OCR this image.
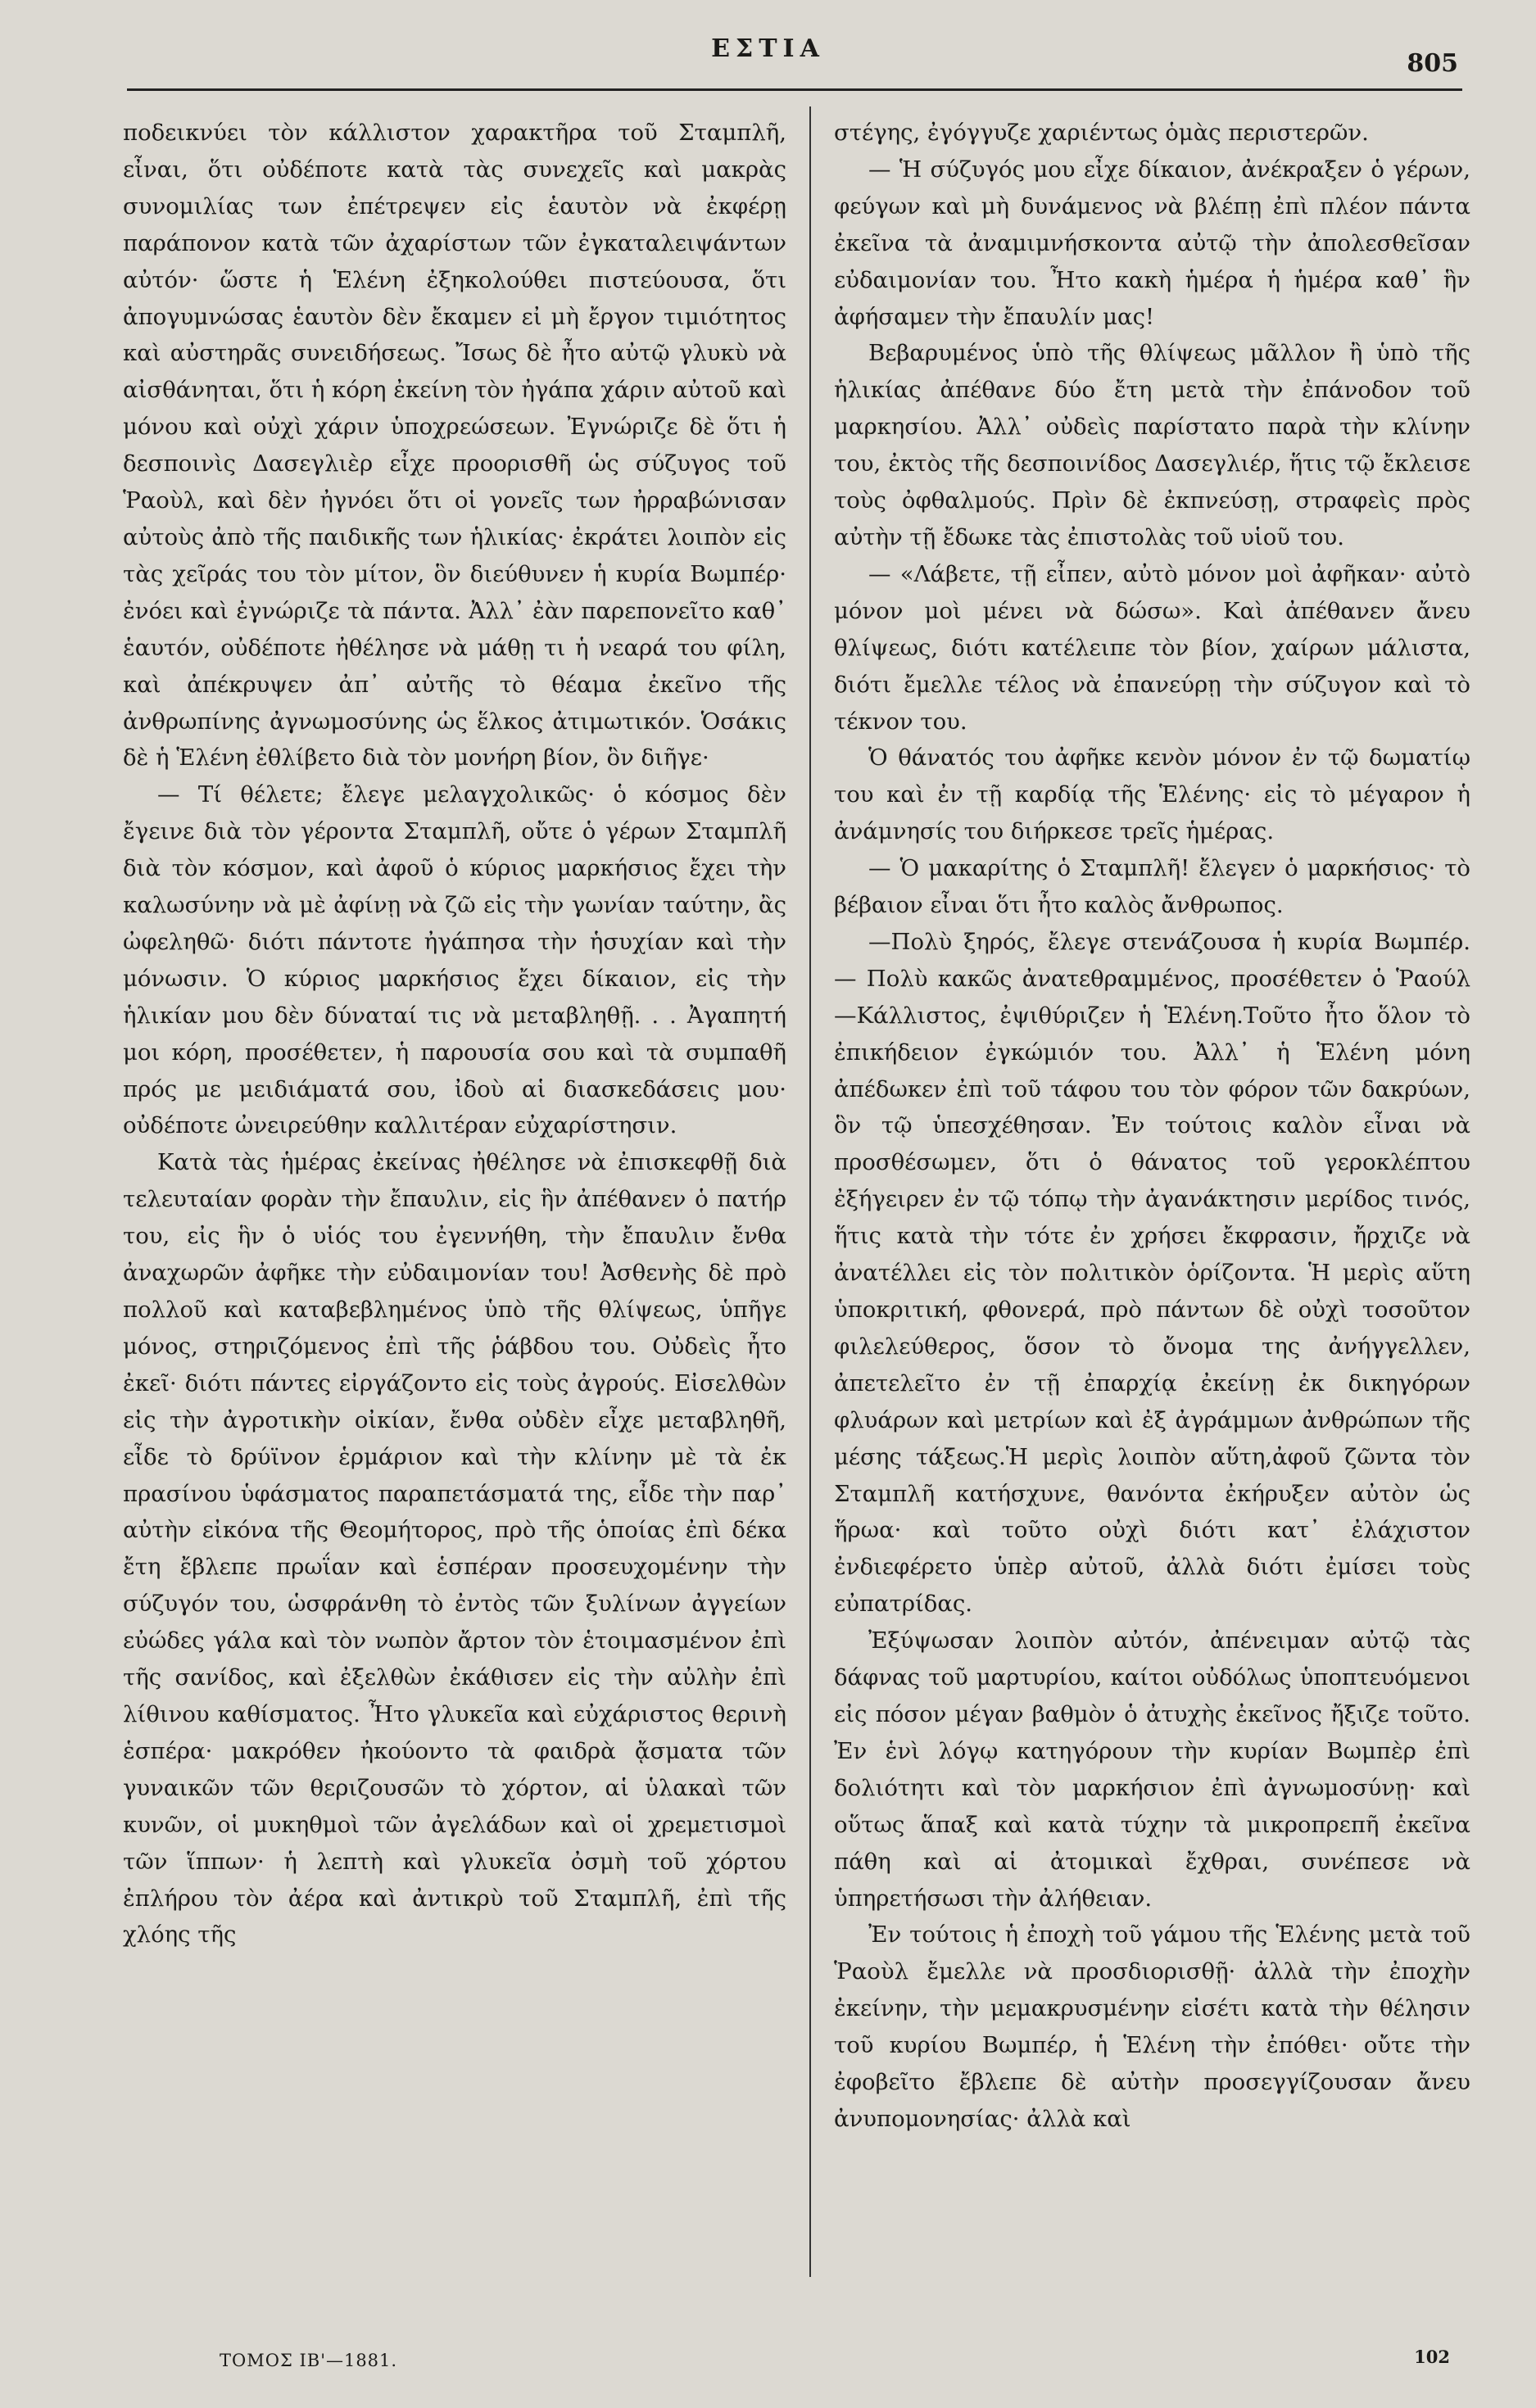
ΕΣΤΙΑ
805

ποδεικνύει τὸν κάλλιστον χαρακτῆρα τοῦ Σταμπλῆ, εἶναι, ὅτι οὐδέποτε κατὰ τὰς συνεχεῖς καὶ μακρὰς συνομιλίας των ἐπέτρεψεν εἰς ἑαυτὸν νὰ ἐκφέρῃ παράπονον κατὰ τῶν ἀχαρίστων τῶν ἐγκαταλειψάντων αὐτόν· ὥστε ἡ Ἑλένη ἐξηκολούθει πιστεύουσα, ὅτι ἀπογυμνώσας ἑαυτὸν δὲν ἔκαμεν εἰ μὴ ἔργον τιμιότητος καὶ αὐστηρᾶς συνειδήσεως. Ἴσως δὲ ἦτο αὐτῷ γλυκὺ νὰ αἰσθάνηται, ὅτι ἡ κόρη ἐκείνη τὸν ἠγάπα χάριν αὐτοῦ καὶ μόνου καὶ οὐχὶ χάριν ὑποχρεώσεων. Ἐγνώριζε δὲ ὅτι ἡ δεσποινὶς Δασεγλιὲρ εἶχε προορισθῆ ὡς σύζυγος τοῦ Ῥαοὺλ, καὶ δὲν ἠγνόει ὅτι οἱ γονεῖς των ἠρραβώνισαν αὐτοὺς ἀπὸ τῆς παιδικῆς των ἡλικίας· ἐκράτει λοιπὸν εἰς τὰς χεῖράς του τὸν μίτον, ὃν διεύθυνεν ἡ κυρία Βωμπέρ· ἐνόει καὶ ἐγνώριζε τὰ πάντα. Ἀλλ᾿ ἐὰν παρεπονεῖτο καθ᾿ ἑαυτόν, οὐδέποτε ἠθέλησε νὰ μάθῃ τι ἡ νεαρά του φίλη, καὶ ἀπέκρυψεν ἀπ᾿ αὐτῆς τὸ θέαμα ἐκεῖνο τῆς ἀνθρωπίνης ἀγνωμοσύνης ὡς ἕλκος ἀτιμωτικόν. Ὁσάκις δὲ ἡ Ἑλένη ἐθλίβετο διὰ τὸν μονήρη βίον, ὃν διῆγε·

— Τί θέλετε; ἔλεγε μελαγχολικῶς· ὁ κόσμος δὲν ἔγεινε διὰ τὸν γέροντα Σταμπλῆ, οὔτε ὁ γέρων Σταμπλῆ διὰ τὸν κόσμον, καὶ ἀφοῦ ὁ κύριος μαρκήσιος ἔχει τὴν καλωσύνην νὰ μὲ ἀφίνῃ νὰ ζῶ εἰς τὴν γωνίαν ταύτην, ἂς ὠφεληθῶ· διότι πάντοτε ἠγάπησα τὴν ἡσυχίαν καὶ τὴν μόνωσιν. Ὁ κύριος μαρκήσιος ἔχει δίκαιον, εἰς τὴν ἡλικίαν μου δὲν δύναταί τις νὰ μεταβληθῇ. . . Ἀγαπητή μοι κόρη, προσέθετεν, ἡ παρουσία σου καὶ τὰ συμπαθῆ πρός με μειδιάματά σου, ἰδοὺ αἱ διασκεδάσεις μου· οὐδέποτε ὠνειρεύθην καλλιτέραν εὐχαρίστησιν.

Κατὰ τὰς ἡμέρας ἐκείνας ἠθέλησε νὰ ἐπισκεφθῇ διὰ τελευταίαν φορὰν τὴν ἔπαυλιν, εἰς ἣν ἀπέθανεν ὁ πατήρ του, εἰς ἣν ὁ υἱός του ἐγεννήθη, τὴν ἔπαυλιν ἔνθα ἀναχωρῶν ἀφῆκε τὴν εὐδαιμονίαν του! Ἀσθενὴς δὲ πρὸ πολλοῦ καὶ καταβεβλημένος ὑπὸ τῆς θλίψεως, ὑπῆγε μόνος, στηριζόμενος ἐπὶ τῆς ῥάβδου του. Οὐδεὶς ἦτο ἐκεῖ· διότι πάντες εἰργάζοντο εἰς τοὺς ἀγρούς. Εἰσελθὼν εἰς τὴν ἀγροτικὴν οἰκίαν, ἔνθα οὐδὲν εἶχε μεταβληθῆ, εἶδε τὸ δρύϊνον ἑρμάριον καὶ τὴν κλίνην μὲ τὰ ἐκ πρασίνου ὑφάσματος παραπετάσματά της, εἶδε τὴν παρ᾿ αὐτὴν εἰκόνα τῆς Θεομήτορος, πρὸ τῆς ὁποίας ἐπὶ δέκα ἔτη ἔβλεπε πρωΐαν καὶ ἑσπέραν προσευχομένην τὴν σύζυγόν του, ὡσφράνθη τὸ ἐντὸς τῶν ξυλίνων ἀγγείων εὐώδες γάλα καὶ τὸν νωπὸν ἄρτον τὸν ἑτοιμασμένον ἐπὶ τῆς σανίδος, καὶ ἐξελθὼν ἐκάθισεν εἰς τὴν αὐλὴν ἐπὶ λίθινου καθίσματος. Ἦτο γλυκεῖα καὶ εὐχάριστος θερινὴ ἑσπέρα· μακρόθεν ἠκούοντο τὰ φαιδρὰ ᾄσματα τῶν γυναικῶν τῶν θεριζουσῶν τὸ χόρτον, αἱ ὑλακαὶ τῶν κυνῶν, οἱ μυκηθμοὶ τῶν ἀγελάδων καὶ οἱ χρεμετισμοὶ τῶν ἵππων· ἡ λεπτὴ καὶ γλυκεῖα ὀσμὴ τοῦ χόρτου ἐπλήρου τὸν ἀέρα καὶ ἀντικρὺ τοῦ Σταμπλῆ, ἐπὶ τῆς χλόης τῆς

στέγης, ἐγόγγυζε χαριέντως ὁμὰς περιστερῶν.

— Ἡ σύζυγός μου εἶχε δίκαιον, ἀνέκραξεν ὁ γέρων, φεύγων καὶ μὴ δυνάμενος νὰ βλέπῃ ἐπὶ πλέον πάντα ἐκεῖνα τὰ ἀναμιμνήσκοντα αὐτῷ τὴν ἀπολεσθεῖσαν εὐδαιμονίαν του. Ἦτο κακὴ ἡμέρα ἡ ἡμέρα καθ᾿ ἣν ἀφήσαμεν τὴν ἔπαυλίν μας!

Βεβαρυμένος ὑπὸ τῆς θλίψεως μᾶλλον ἢ ὑπὸ τῆς ἡλικίας ἀπέθανε δύο ἔτη μετὰ τὴν ἐπάνοδον τοῦ μαρκησίου. Ἀλλ᾿ οὐδεὶς παρίστατο παρὰ τὴν κλίνην του, ἐκτὸς τῆς δεσποινίδος Δασεγλιέρ, ἥτις τῷ ἔκλεισε τοὺς ὀφθαλμούς. Πρὶν δὲ ἐκπνεύσῃ, στραφεὶς πρὸς αὐτὴν τῇ ἔδωκε τὰς ἐπιστολὰς τοῦ υἱοῦ του.

— «Λάβετε, τῇ εἶπεν, αὐτὸ μόνον μοὶ ἀφῆκαν· αὐτὸ μόνον μοὶ μένει νὰ δώσω». Καὶ ἀπέθανεν ἄνευ θλίψεως, διότι κατέλειπε τὸν βίον, χαίρων μάλιστα, διότι ἔμελλε τέλος νὰ ἐπανεύρῃ τὴν σύζυγον καὶ τὸ τέκνον του.

Ὁ θάνατός του ἀφῆκε κενὸν μόνον ἐν τῷ δωματίῳ του καὶ ἐν τῇ καρδίᾳ τῆς Ἑλένης· εἰς τὸ μέγαρον ἡ ἀνάμνησίς του διήρκεσε τρεῖς ἡμέρας.

— Ὁ μακαρίτης ὁ Σταμπλῆ! ἔλεγεν ὁ μαρκήσιος· τὸ βέβαιον εἶναι ὅτι ἦτο καλὸς ἄνθρωπος.

—Πολὺ ξηρός, ἔλεγε στενάζουσα ἡ κυρία Βωμπέρ. — Πολὺ κακῶς ἀνατεθραμμένος, προσέθετεν ὁ Ῥαούλ —Κάλλιστος, ἐψιθύριζεν ἡ Ἑλένη.Τοῦτο ἦτο ὅλον τὸ ἐπικήδειον ἐγκώμιόν του. Ἀλλ᾿ ἡ Ἑλένη μόνη ἀπέδωκεν ἐπὶ τοῦ τάφου του τὸν φόρον τῶν δακρύων, ὃν τῷ ὑπεσχέθησαν. Ἐν τούτοις καλὸν εἶναι νὰ προσθέσωμεν, ὅτι ὁ θάνατος τοῦ γεροκλέπτου ἐξήγειρεν ἐν τῷ τόπῳ τὴν ἀγανάκτησιν μερίδος τινός, ἥτις κατὰ τὴν τότε ἐν χρήσει ἔκφρασιν, ἤρχιζε νὰ ἀνατέλλει εἰς τὸν πολιτικὸν ὁρίζοντα. Ἡ μερὶς αὕτη ὑποκριτική, φθονερά, πρὸ πάντων δὲ οὐχὶ τοσοῦτον φιλελεύθερος, ὅσον τὸ ὄνομα της ἀνήγγελλεν, ἀπετελεῖτο ἐν τῇ ἐπαρχίᾳ ἐκείνῃ ἐκ δικηγόρων φλυάρων καὶ μετρίων καὶ ἐξ ἀγράμμων ἀνθρώπων τῆς μέσης τάξεως.Ἡ μερὶς λοιπὸν αὕτη,ἀφοῦ ζῶντα τὸν Σταμπλῆ κατήσχυνε, θανόντα ἐκήρυξεν αὐτὸν ὡς ἥρωα· καὶ τοῦτο οὐχὶ διότι κατ᾿ ἐλάχιστον ἐνδιεφέρετο ὑπὲρ αὐτοῦ, ἀλλὰ διότι ἐμίσει τοὺς εὐπατρίδας.

Ἐξύψωσαν λοιπὸν αὐτόν, ἀπένειμαν αὐτῷ τὰς δάφνας τοῦ μαρτυρίου, καίτοι οὐδόλως ὑποπτευόμενοι εἰς πόσον μέγαν βαθμὸν ὁ ἀτυχὴς ἐκεῖνος ἤξιζε τοῦτο. Ἐν ἑνὶ λόγῳ κατηγόρουν τὴν κυρίαν Βωμπὲρ ἐπὶ δολιότητι καὶ τὸν μαρκήσιον ἐπὶ ἀγνωμοσύνῃ· καὶ οὕτως ἅπαξ καὶ κατὰ τύχην τὰ μικροπρεπῆ ἐκεῖνα πάθη καὶ αἱ ἀτομικαὶ ἔχθραι, συνέπεσε νὰ ὑπηρετήσωσι τὴν ἀλήθειαν.

Ἐν τούτοις ἡ ἐποχὴ τοῦ γάμου τῆς Ἑλένης μετὰ τοῦ Ῥαοὺλ ἔμελλε νὰ προσδιορισθῇ· ἀλλὰ τὴν ἐποχὴν ἐκείνην, τὴν μεμακρυσμένην εἰσέτι κατὰ τὴν θέλησιν τοῦ κυρίου Βωμπέρ, ἡ Ἑλένη τὴν ἐπόθει· οὔτε τὴν ἐφοβεῖτο ἔβλεπε δὲ αὐτὴν προσεγγίζουσαν ἄνευ ἀνυπομονησίας· ἀλλὰ καὶ

ΤΟΜΟΣ ΙΒ'—1881.	102
